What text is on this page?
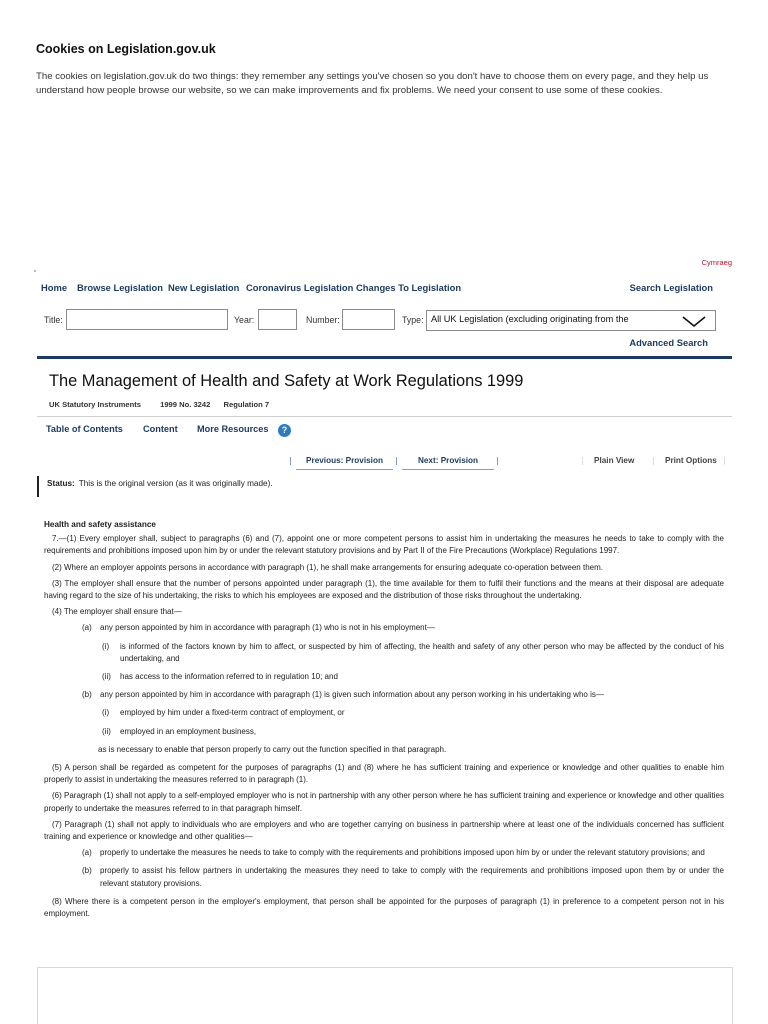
Cookies on Legislation.gov.uk
The cookies on legislation.gov.uk do two things: they remember any settings you've chosen so you don't have to choose them on every page, and they help us understand how people browse our website, so we can make improvements and fix problems. We need your consent to use some of these cookies.
Cymraeg
Home Browse Legislation New Legislation Coronavirus Legislation Changes To Legislation	Search Legislation
Title:	Year:	Number:	Type: All UK Legislation (excluding originating from the
Advanced Search
The Management of Health and Safety at Work Regulations 1999
UK Statutory Instruments	1999 No. 3242 Regulation 7
Table of Contents Content More Resources	?
Previous: Provision	Next: Provision	Plain View	Print Options
Status: This is the original version (as it was originally made).
Health and safety assistance

7.—(1) Every employer shall, subject to paragraphs (6) and (7), appoint one or more competent persons to assist him in undertaking the measures he needs to take to comply with the requirements and prohibitions imposed upon him by or under the relevant statutory provisions and by Part II of the Fire Precautions (Workplace) Regulations 1997.

(2) Where an employer appoints persons in accordance with paragraph (1), he shall make arrangements for ensuring adequate co-operation between them.

(3) The employer shall ensure that the number of persons appointed under paragraph (1), the time available for them to fulfil their functions and the means at their disposal are adequate having regard to the size of his undertaking, the risks to which his employees are exposed and the distribution of those risks throughout the undertaking.

(4) The employer shall ensure that—

(a)	any person appointed by him in accordance with paragraph (1) who is not in his employment—
(i)	is informed of the factors known by him to affect, or suspected by him of affecting, the health and safety of any other person who may be affected by the conduct of his undertaking, and
(ii)	has access to the information referred to in regulation 10; and
(b)	any person appointed by him in accordance with paragraph (1) is given such information about any person working in his undertaking who is—
(i)	employed by him under a fixed-term contract of employment, or
(ii)	employed in an employment business,
as is necessary to enable that person properly to carry out the function specified in that paragraph.

(5) A person shall be regarded as competent for the purposes of paragraphs (1) and (8) where he has sufficient training and experience or knowledge and other qualities to enable him properly to assist in undertaking the measures referred to in paragraph (1).

(6) Paragraph (1) shall not apply to a self-employed employer who is not in partnership with any other person where he has sufficient training and experience or knowledge and other qualities properly to undertake the measures referred to in that paragraph himself.

(7) Paragraph (1) shall not apply to individuals who are employers and who are together carrying on business in partnership where at least one of the individuals concerned has sufficient training and experience or knowledge and other qualities—

(a)	properly to undertake the measures he needs to take to comply with the requirements and prohibitions imposed upon him by or under the relevant statutory provisions; and
(b)	properly to assist his fellow partners in undertaking the measures they need to take to comply with the requirements and prohibitions imposed upon them by or under the relevant statutory provisions.

(8) Where there is a competent person in the employer's employment, that person shall be appointed for the purposes of paragraph (1) in preference to a competent person not in his employment.
